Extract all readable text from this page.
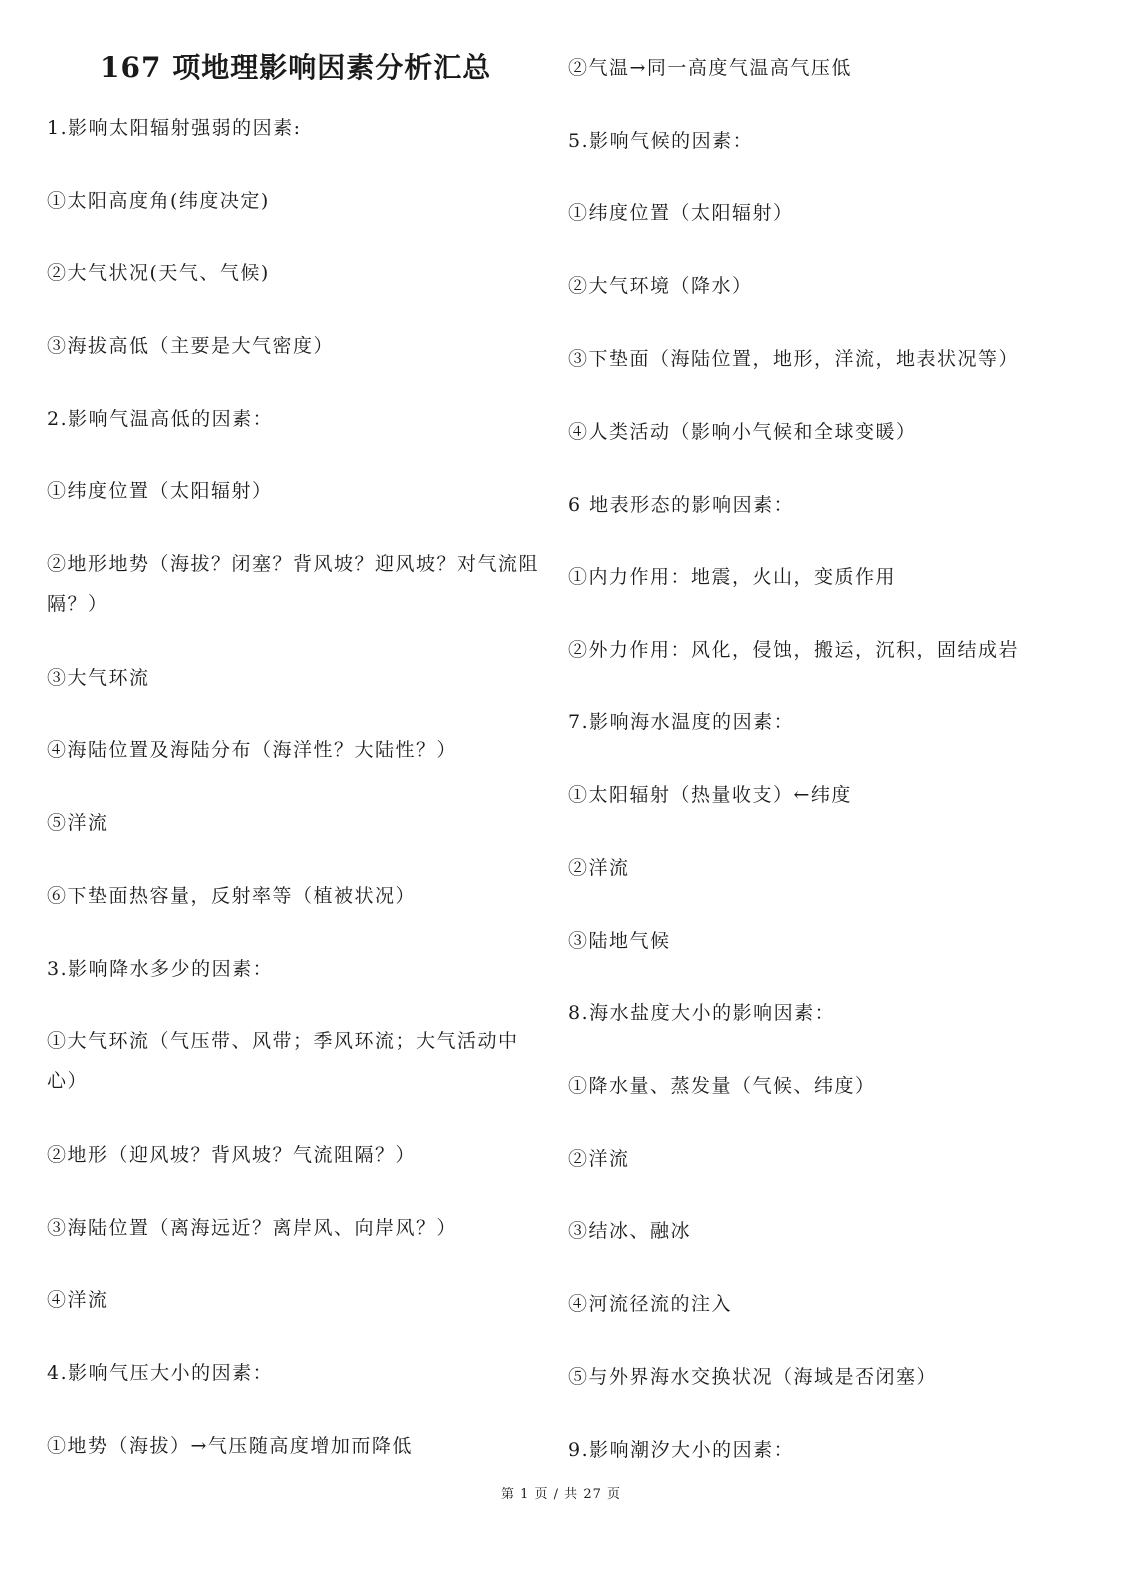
167 项地理影响因素分析汇总
1.影响太阳辐射强弱的因素:
①太阳高度角(纬度决定)
②大气状况(天气、气候)
③海拔高低（主要是大气密度）
2.影响气温高低的因素：
①纬度位置（太阳辐射）
②地形地势（海拔？闭塞？背风坡？迎风坡？对气流阻隔？）
③大气环流
④海陆位置及海陆分布（海洋性？大陆性？）
⑤洋流
⑥下垫面热容量，反射率等（植被状况）
3.影响降水多少的因素：
①大气环流（气压带、风带；季风环流；大气活动中心）
②地形（迎风坡？背风坡？气流阻隔？）
③海陆位置（离海远近？离岸风、向岸风？）
④洋流
4.影响气压大小的因素：
①地势（海拔）→气压随高度增加而降低
②气温→同一高度气温高气压低
5.影响气候的因素：
①纬度位置（太阳辐射）
②大气环境（降水）
③下垫面（海陆位置，地形，洋流，地表状况等）
④人类活动（影响小气候和全球变暖）
6 地表形态的影响因素：
①内力作用：地震，火山，变质作用
②外力作用：风化，侵蚀，搬运，沉积，固结成岩
7.影响海水温度的因素：
①太阳辐射（热量收支）←纬度
②洋流
③陆地气候
8.海水盐度大小的影响因素：
①降水量、蒸发量（气候、纬度）
②洋流
③结冰、融冰
④河流径流的注入
⑤与外界海水交换状况（海域是否闭塞）
9.影响潮汐大小的因素：
第 1 页 / 共 27 页
